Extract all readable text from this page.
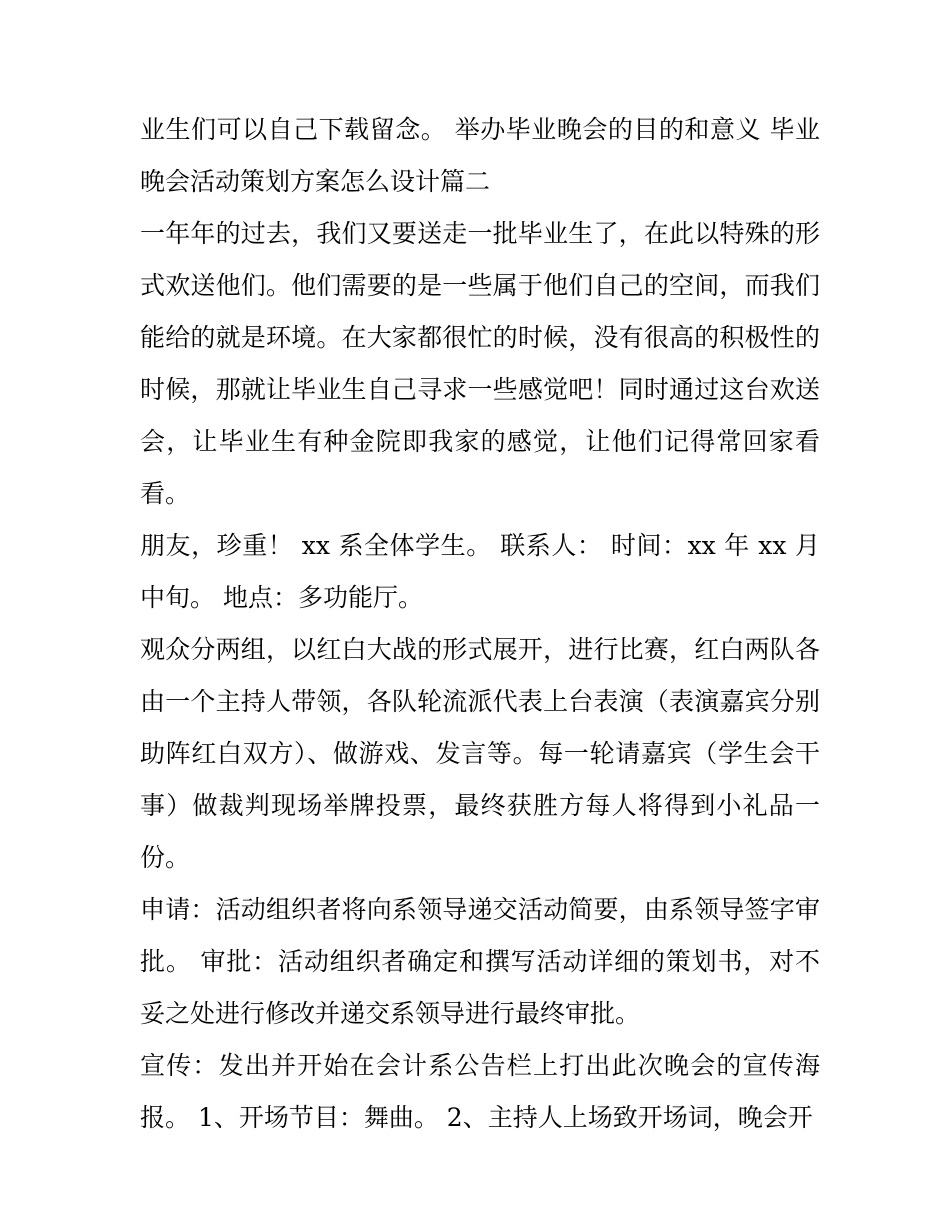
业生们可以自己下载留念。 举办毕业晚会的目的和意义 毕业晚会活动策划方案怎么设计篇二

一年年的过去，我们又要送走一批毕业生了，在此以特殊的形式欢送他们。他们需要的是一些属于他们自己的空间，而我们能给的就是环境。在大家都很忙的时候，没有很高的积极性的时候，那就让毕业生自己寻求一些感觉吧！同时通过这台欢送会，让毕业生有种金院即我家的感觉，让他们记得常回家看看。

朋友，珍重！ xx 系全体学生。 联系人： 时间：xx 年 xx 月中旬。 地点：多功能厅。

观众分两组，以红白大战的形式展开，进行比赛，红白两队各由一个主持人带领，各队轮流派代表上台表演（表演嘉宾分别助阵红白双方）、做游戏、发言等。每一轮请嘉宾（学生会干事）做裁判现场举牌投票，最终获胜方每人将得到小礼品一份。

申请：活动组织者将向系领导递交活动简要，由系领导签字审批。 审批：活动组织者确定和撰写活动详细的策划书，对不妥之处进行修改并递交系领导进行最终审批。

宣传：发出并开始在会计系公告栏上打出此次晚会的宣传海报。 1、开场节目：舞曲。 2、主持人上场致开场词，晚会开
